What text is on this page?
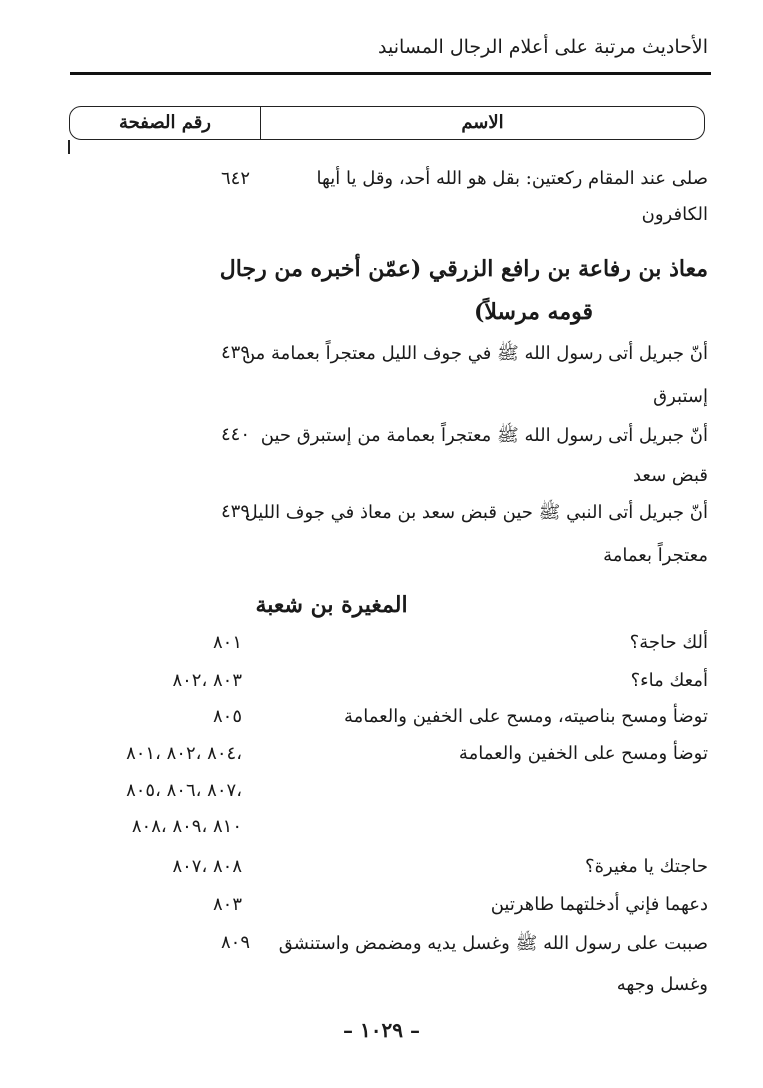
الأحاديث مرتبة على أعلام الرجال المسانيد
الاسم
رقم الصفحة
صلى عند المقام ركعتين: بقل هو الله أحد، وقل يا أيها
٦٤٢
الكافرون
معاذ بن رفاعة بن رافع الزرقي (عمّن أخبره من رجال
قومه مرسلاً)
أنّ جبريل أتى رسول الله ﷺ في جوف الليل معتجراً بعمامة من
٤٣٩
إستبرق
أنّ جبريل أتى رسول الله ﷺ معتجراً بعمامة من إستبرق حين
٤٤٠
قبض سعد
أنّ جبريل أتى النبي ﷺ حين قبض سعد بن معاذ في جوف الليل
٤٣٩
معتجراً بعمامة
المغيرة بن شعبة
ألك حاجة؟
٨٠١
أمعك ماء؟
٨٠٣ ،٨٠٢
توضأ ومسح بناصيته، ومسح على الخفين والعمامة
٨٠٥
توضأ ومسح على الخفين والعمامة
،٨٠٤ ،٨٠٢ ،٨٠١
،٨٠٧ ،٨٠٦ ،٨٠٥
٨١٠ ،٨٠٩ ،٨٠٨
حاجتك يا مغيرة؟
٨٠٨ ،٨٠٧
دعهما فإني أدخلتهما طاهرتين
٨٠٣
صببت على رسول الله ﷺ وغسل يديه ومضمض واستنشق
٨٠٩
وغسل وجهه
– ١٠٢٩ –
